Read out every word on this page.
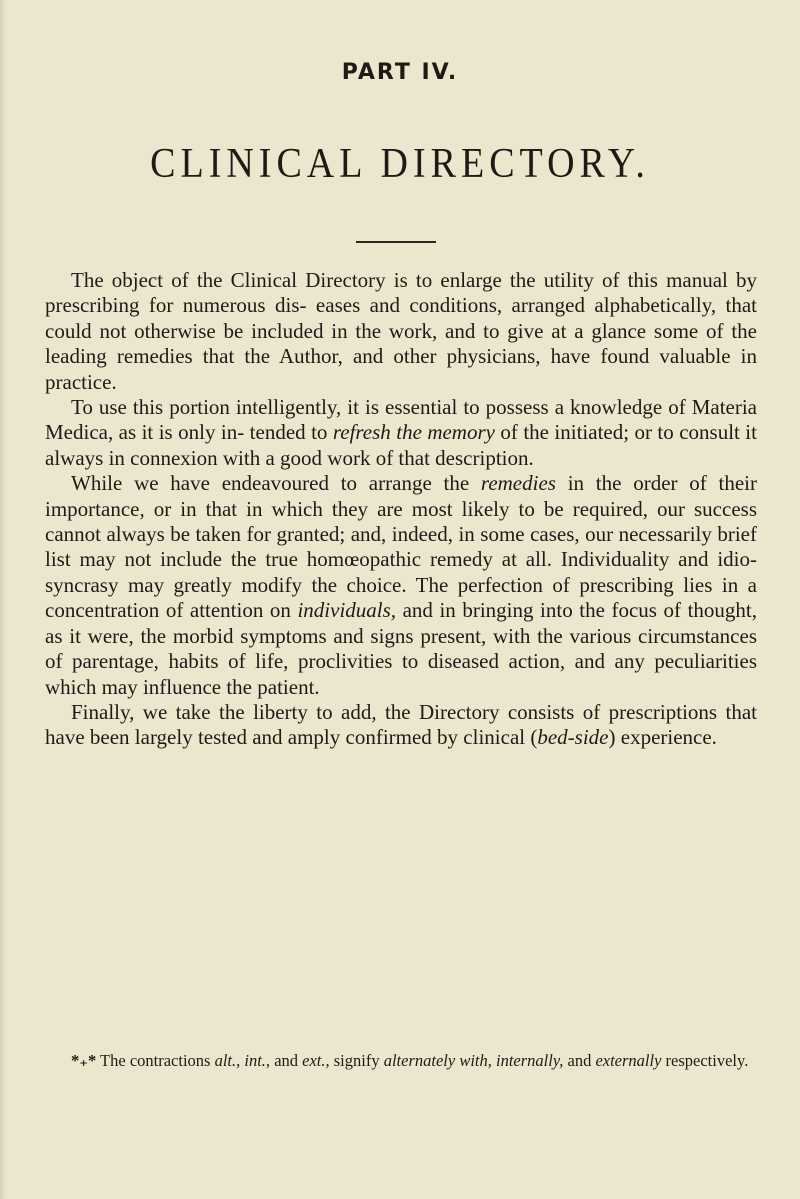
PART IV.
CLINICAL DIRECTORY.

The object of the Clinical Directory is to enlarge the utility of this manual by prescribing for numerous dis- eases and conditions, arranged alphabetically, that could not otherwise be included in the work, and to give at a glance some of the leading remedies that the Author, and other physicians, have found valuable in practice.

To use this portion intelligently, it is essential to possess a knowledge of Materia Medica, as it is only in- tended to refresh the memory of the initiated; or to consult it always in connexion with a good work of that description.

While we have endeavoured to arrange the remedies in the order of their importance, or in that in which they are most likely to be required, our success cannot always be taken for granted; and, indeed, in some cases, our necessarily brief list may not include the true homœopathic remedy at all. Individuality and idio- syncrasy may greatly modify the choice. The perfection of prescribing lies in a concentration of attention on individuals, and in bringing into the focus of thought, as it were, the morbid symptoms and signs present, with the various circumstances of parentage, habits of life, proclivities to diseased action, and any peculiarities which may influence the patient.

Finally, we take the liberty to add, the Directory consists of prescriptions that have been largely tested and amply confirmed by clinical (bed-side) experience.

*₊* The contractions alt., int., and ext., signify alternately with, internally, and externally respectively.
